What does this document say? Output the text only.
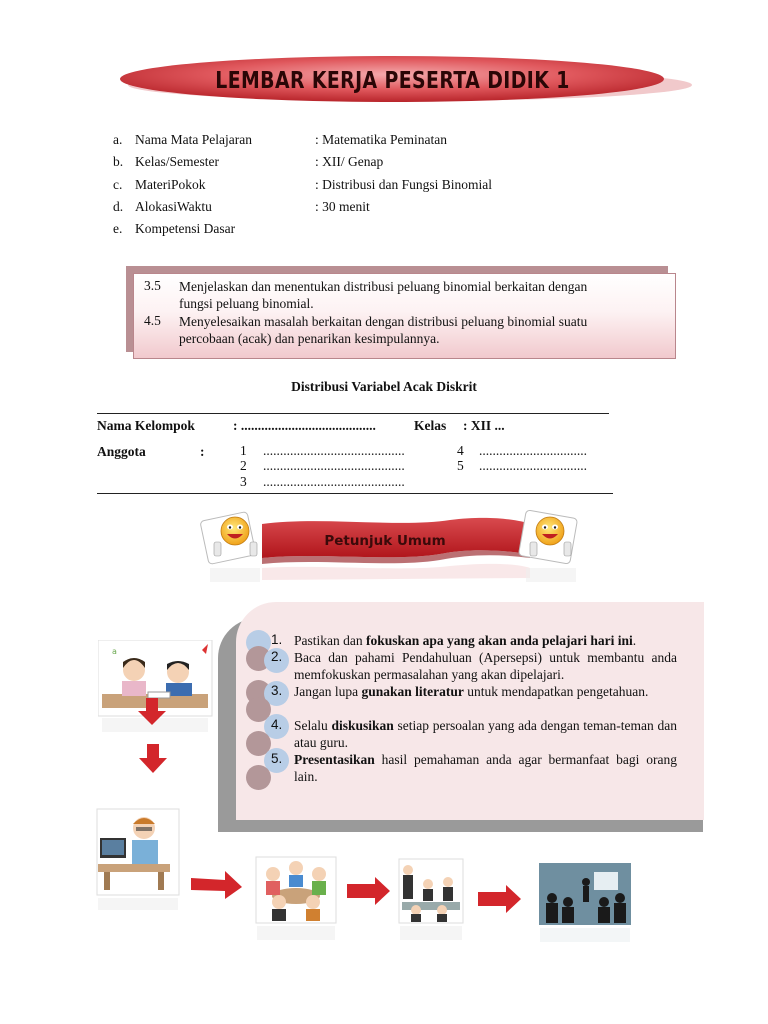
LEMBAR KERJA PESERTA DIDIK 1
a. Nama Mata Pelajaran	: Matematika Peminatan
b. Kelas/Semester	: XII/ Genap
c. MateriPokok	: Distribusi dan Fungsi Binomial
d. AlokasiWaktu	: 30 menit
e. Kompetensi Dasar
3.5 Menjelaskan dan menentukan distribusi peluang binomial berkaitan dengan
fungsi peluang binomial.
4.5 Menyelesaikan masalah berkaitan dengan distribusi peluang binomial suatu
percobaan (acak) dan penarikan kesimpulannya.
Distribusi Variabel Acak Diskrit
Nama Kelompok	: ........................................	Kelas : XII ...
Anggota	:	1 ..........................................
2 ..........................................
3 ..........................................
4 ................................
5 ................................
Petunjuk Umum
1.
2.
3.
4.
5.
Pastikan dan fokuskan apa yang akan anda pelajari hari ini.
Baca dan pahami Pendahuluan (Apersepsi) untuk membantu anda memfokuskan permasalahan yang akan dipelajari.
Jangan lupa gunakan literatur untuk mendapatkan pengetahuan.
Selalu diskusikan setiap persoalan yang ada dengan teman-teman dan atau guru.
Presentasikan hasil pemahaman anda agar bermanfaat bagi orang lain.
a
